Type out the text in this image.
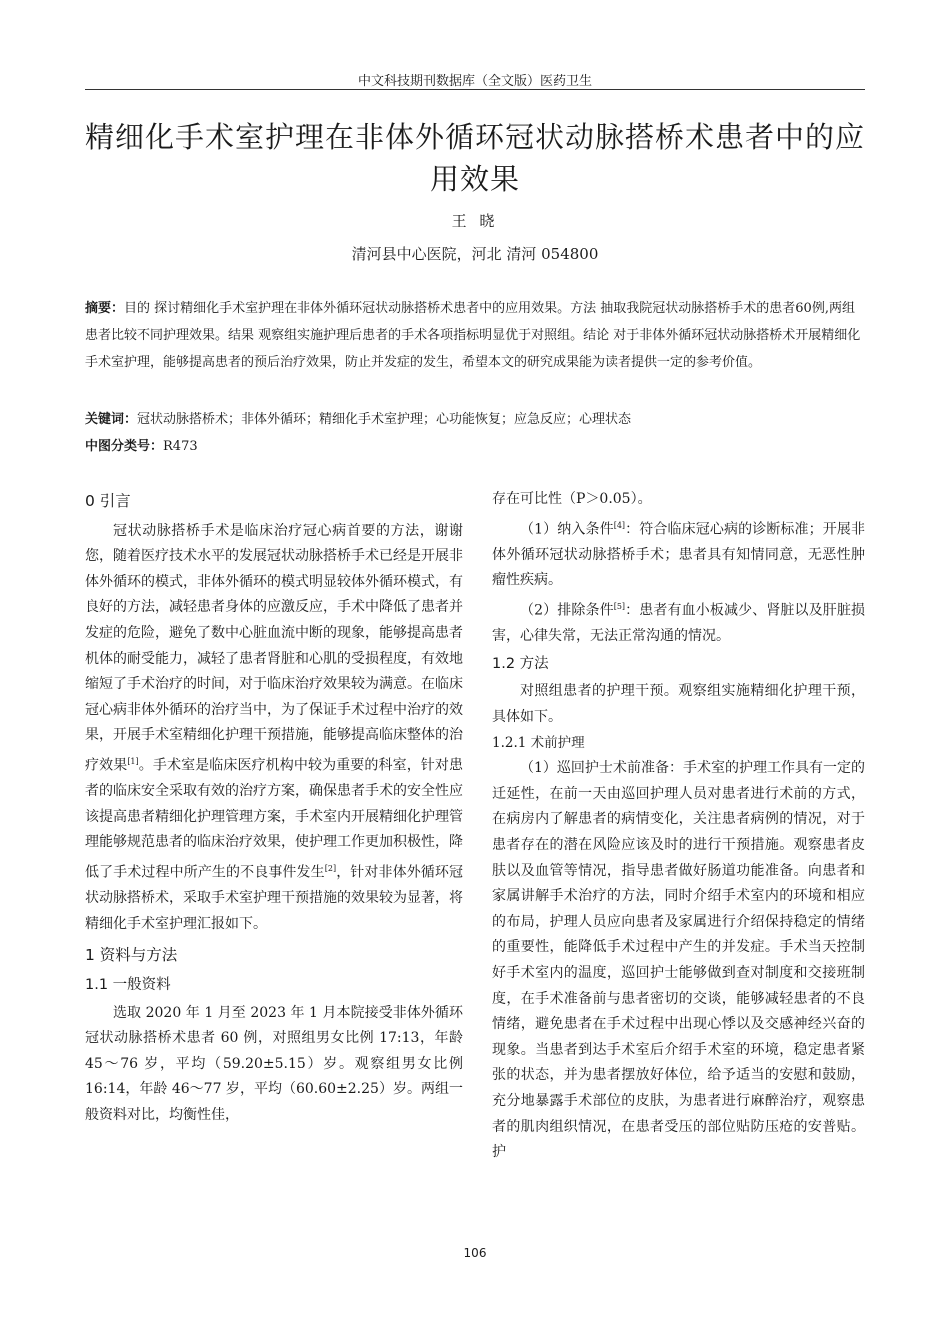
中文科技期刊数据库（全文版）医药卫生
精细化手术室护理在非体外循环冠状动脉搭桥术患者中的应用效果
王 晓
清河县中心医院，河北 清河 054800
摘要：目的 探讨精细化手术室护理在非体外循环冠状动脉搭桥术患者中的应用效果。方法 抽取我院冠状动脉搭桥手术的患者60例,两组患者比较不同护理效果。结果 观察组实施护理后患者的手术各项指标明显优于对照组。结论 对于非体外循环冠状动脉搭桥术开展精细化手术室护理，能够提高患者的预后治疗效果，防止并发症的发生，希望本文的研究成果能为读者提供一定的参考价值。
关键词：冠状动脉搭桥术；非体外循环；精细化手术室护理；心功能恢复；应急反应；心理状态
中图分类号：R473
0 引言

冠状动脉搭桥手术是临床治疗冠心病首要的方法，谢谢您，随着医疗技术水平的发展冠状动脉搭桥手术已经是开展非体外循环的模式，非体外循环的模式明显较体外循环模式，有良好的方法，减轻患者身体的应激反应，手术中降低了患者并发症的危险，避免了数中心脏血流中断的现象，能够提高患者机体的耐受能力，减轻了患者肾脏和心肌的受损程度，有效地缩短了手术治疗的时间，对于临床治疗效果较为满意。在临床冠心病非体外循环的治疗当中，为了保证手术过程中治疗的效果，开展手术室精细化护理干预措施，能够提高临床整体的治疗效果[1]。手术室是临床医疗机构中较为重要的科室，针对患者的临床安全采取有效的治疗方案，确保患者手术的安全性应该提高患者精细化护理管理方案，手术室内开展精细化护理管理能够规范患者的临床治疗效果，使护理工作更加积极性，降低了手术过程中所产生的不良事件发生[2]，针对非体外循环冠状动脉搭桥术，采取手术室护理干预措施的效果较为显著，将精细化手术室护理汇报如下。

1 资料与方法
1.1 一般资料

选取 2020 年 1 月至 2023 年 1 月本院接受非体外循环冠状动脉搭桥术患者 60 例，对照组男女比例 17:13，年龄 45～76 岁，平均（59.20±5.15）岁。观察组男女比例 16:14，年龄 46～77 岁，平均（60.60±2.25）岁。两组一般资料对比，均衡性佳，

存在可比性（P＞0.05）。

（1）纳入条件[4]：符合临床冠心病的诊断标准；开展非体外循环冠状动脉搭桥手术；患者具有知情同意，无恶性肿瘤性疾病。

（2）排除条件[5]：患者有血小板减少、肾脏以及肝脏损害，心律失常，无法正常沟通的情况。

1.2 方法

对照组患者的护理干预。观察组实施精细化护理干预，具体如下。

1.2.1 术前护理

（1）巡回护士术前准备：手术室的护理工作具有一定的迁延性，在前一天由巡回护理人员对患者进行术前的方式，在病房内了解患者的病情变化，关注患者病例的情况，对于患者存在的潜在风险应该及时的进行干预措施。观察患者皮肤以及血管等情况，指导患者做好肠道功能准备。向患者和家属讲解手术治疗的方法，同时介绍手术室内的环境和相应的布局，护理人员应向患者及家属进行介绍保持稳定的情绪的重要性，能降低手术过程中产生的并发症。手术当天控制好手术室内的温度，巡回护士能够做到查对制度和交接班制度，在手术准备前与患者密切的交谈，能够减轻患者的不良情绪，避免患者在手术过程中出现心悸以及交感神经兴奋的现象。当患者到达手术室后介绍手术室的环境，稳定患者紧张的状态，并为患者摆放好体位，给予适当的安慰和鼓励，充分地暴露手术部位的皮肤，为患者进行麻醉治疗，观察患者的肌肉组织情况，在患者受压的部位贴防压疮的安普贴。护

106
